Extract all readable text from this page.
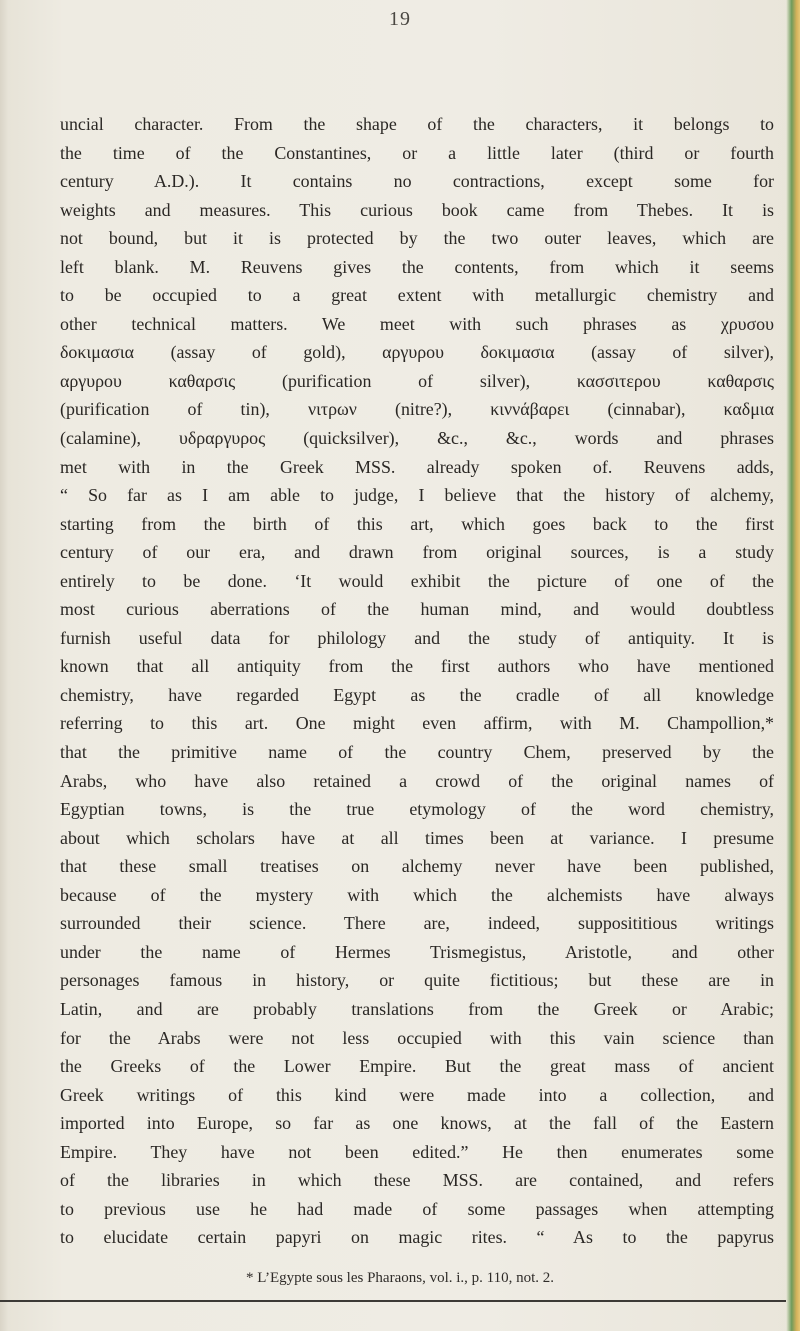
19
uncial character. From the shape of the characters, it belongs to
the time of the Constantines, or a little later (third or fourth
century A.D.). It contains no contractions, except some for
weights and measures. This curious book came from Thebes. It is
not bound, but it is protected by the two outer leaves, which are
left blank. M. Reuvens gives the contents, from which it seems
to be occupied to a great extent with metallurgic chemistry and
other technical matters. We meet with such phrases as χρυσου
δοκιμασια (assay of gold), αργυρου δοκιμασια (assay of silver),
αργυρου καθαρσις (purification of silver), κασσιτερου καθαρσις
(purification of tin), νιτρων (nitre?), κιννάβαρει (cinnabar), καδμια
(calamine), υδραργυρος (quicksilver), &c., &c., words and phrases
met with in the Greek MSS. already spoken of. Reuvens adds,
“ So far as I am able to judge, I believe that the history of alchemy,
starting from the birth of this art, which goes back to the first
century of our era, and drawn from original sources, is a study
entirely to be done. ‘It would exhibit the picture of one of the
most curious aberrations of the human mind, and would doubtless
furnish useful data for philology and the study of antiquity. It is
known that all antiquity from the first authors who have mentioned
chemistry, have regarded Egypt as the cradle of all knowledge
referring to this art. One might even affirm, with M. Champollion,*
that the primitive name of the country Chem, preserved by the
Arabs, who have also retained a crowd of the original names of
Egyptian towns, is the true etymology of the word chemistry,
about which scholars have at all times been at variance. I presume
that these small treatises on alchemy never have been published,
because of the mystery with which the alchemists have always
surrounded their science. There are, indeed, supposititious writings
under the name of Hermes Trismegistus, Aristotle, and other
personages famous in history, or quite fictitious; but these are in
Latin, and are probably translations from the Greek or Arabic;
for the Arabs were not less occupied with this vain science than
the Greeks of the Lower Empire. But the great mass of ancient
Greek writings of this kind were made into a collection, and
imported into Europe, so far as one knows, at the fall of the Eastern
Empire. They have not been edited.” He then enumerates some
of the libraries in which these MSS. are contained, and refers
to previous use he had made of some passages when attempting
to elucidate certain papyri on magic rites. “ As to the papyrus
* L’Egypte sous les Pharaons, vol. i., p. 110, not. 2.
